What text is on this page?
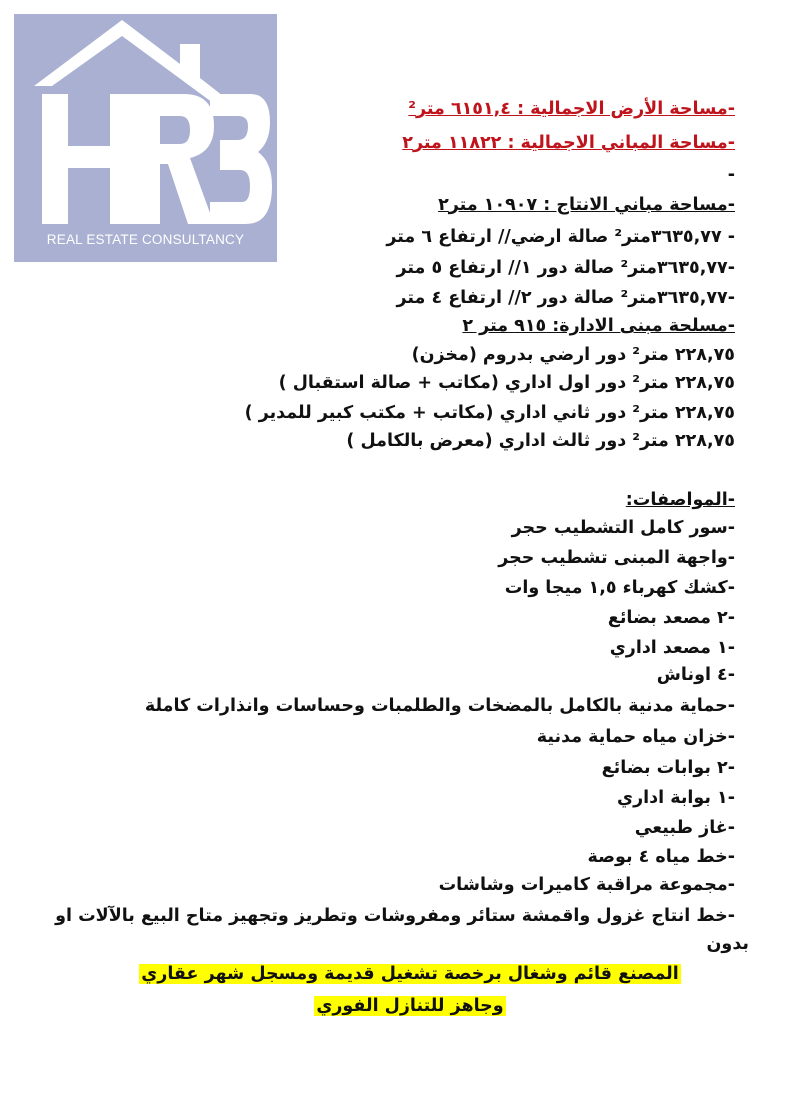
REAL ESTATE CONSULTANCY
-مساحة الأرض الاجمالية : ٦١٥١,٤ متر²
-مساحة المباني الاجمالية : ١١٨٢٢ متر٢
-
-مساحة مباني الانتاج : ١٠٩٠٧ متر٢
- ٣٦٣٥,٧٧متر² صالة ارضي// ارتفاع ٦ متر
-٣٦٣٥,٧٧متر² صالة دور ١// ارتفاع ٥ متر
-٣٦٣٥,٧٧متر² صالة دور ٢// ارتفاع ٤ متر
-مسلحة مبنى الادارة: ٩١٥ متر ٢
٢٢٨,٧٥ متر² دور ارضي بدروم (مخزن)
٢٢٨,٧٥ متر² دور اول اداري (مكاتب + صالة استقبال )
٢٢٨,٧٥ متر² دور ثاني اداري (مكاتب + مكتب كبير للمدير )
٢٢٨,٧٥ متر² دور ثالث اداري (معرض بالكامل )
-المواصفات:
-سور كامل التشطيب حجر
-واجهة المبنى تشطيب حجر
-كشك كهرباء ١,٥ ميجا وات
-٢ مصعد بضائع
-١ مصعد اداري
-٤ اوناش
-حماية مدنية بالكامل بالمضخات والطلمبات وحساسات وانذارات كاملة
-خزان مياه حماية مدنية
-٢ بوابات بضائع
-١ بوابة اداري
-غاز طبيعي
-خط مياه ٤ بوصة
-مجموعة مراقبة كاميرات وشاشات
-خط انتاج غزول واقمشة ستائر ومفروشات وتطريز وتجهيز متاح البيع بالآلات او
بدون
المصنع قائم وشغال برخصة تشغيل قديمة ومسجل شهر عقاري
وجاهز للتنازل الفوري
